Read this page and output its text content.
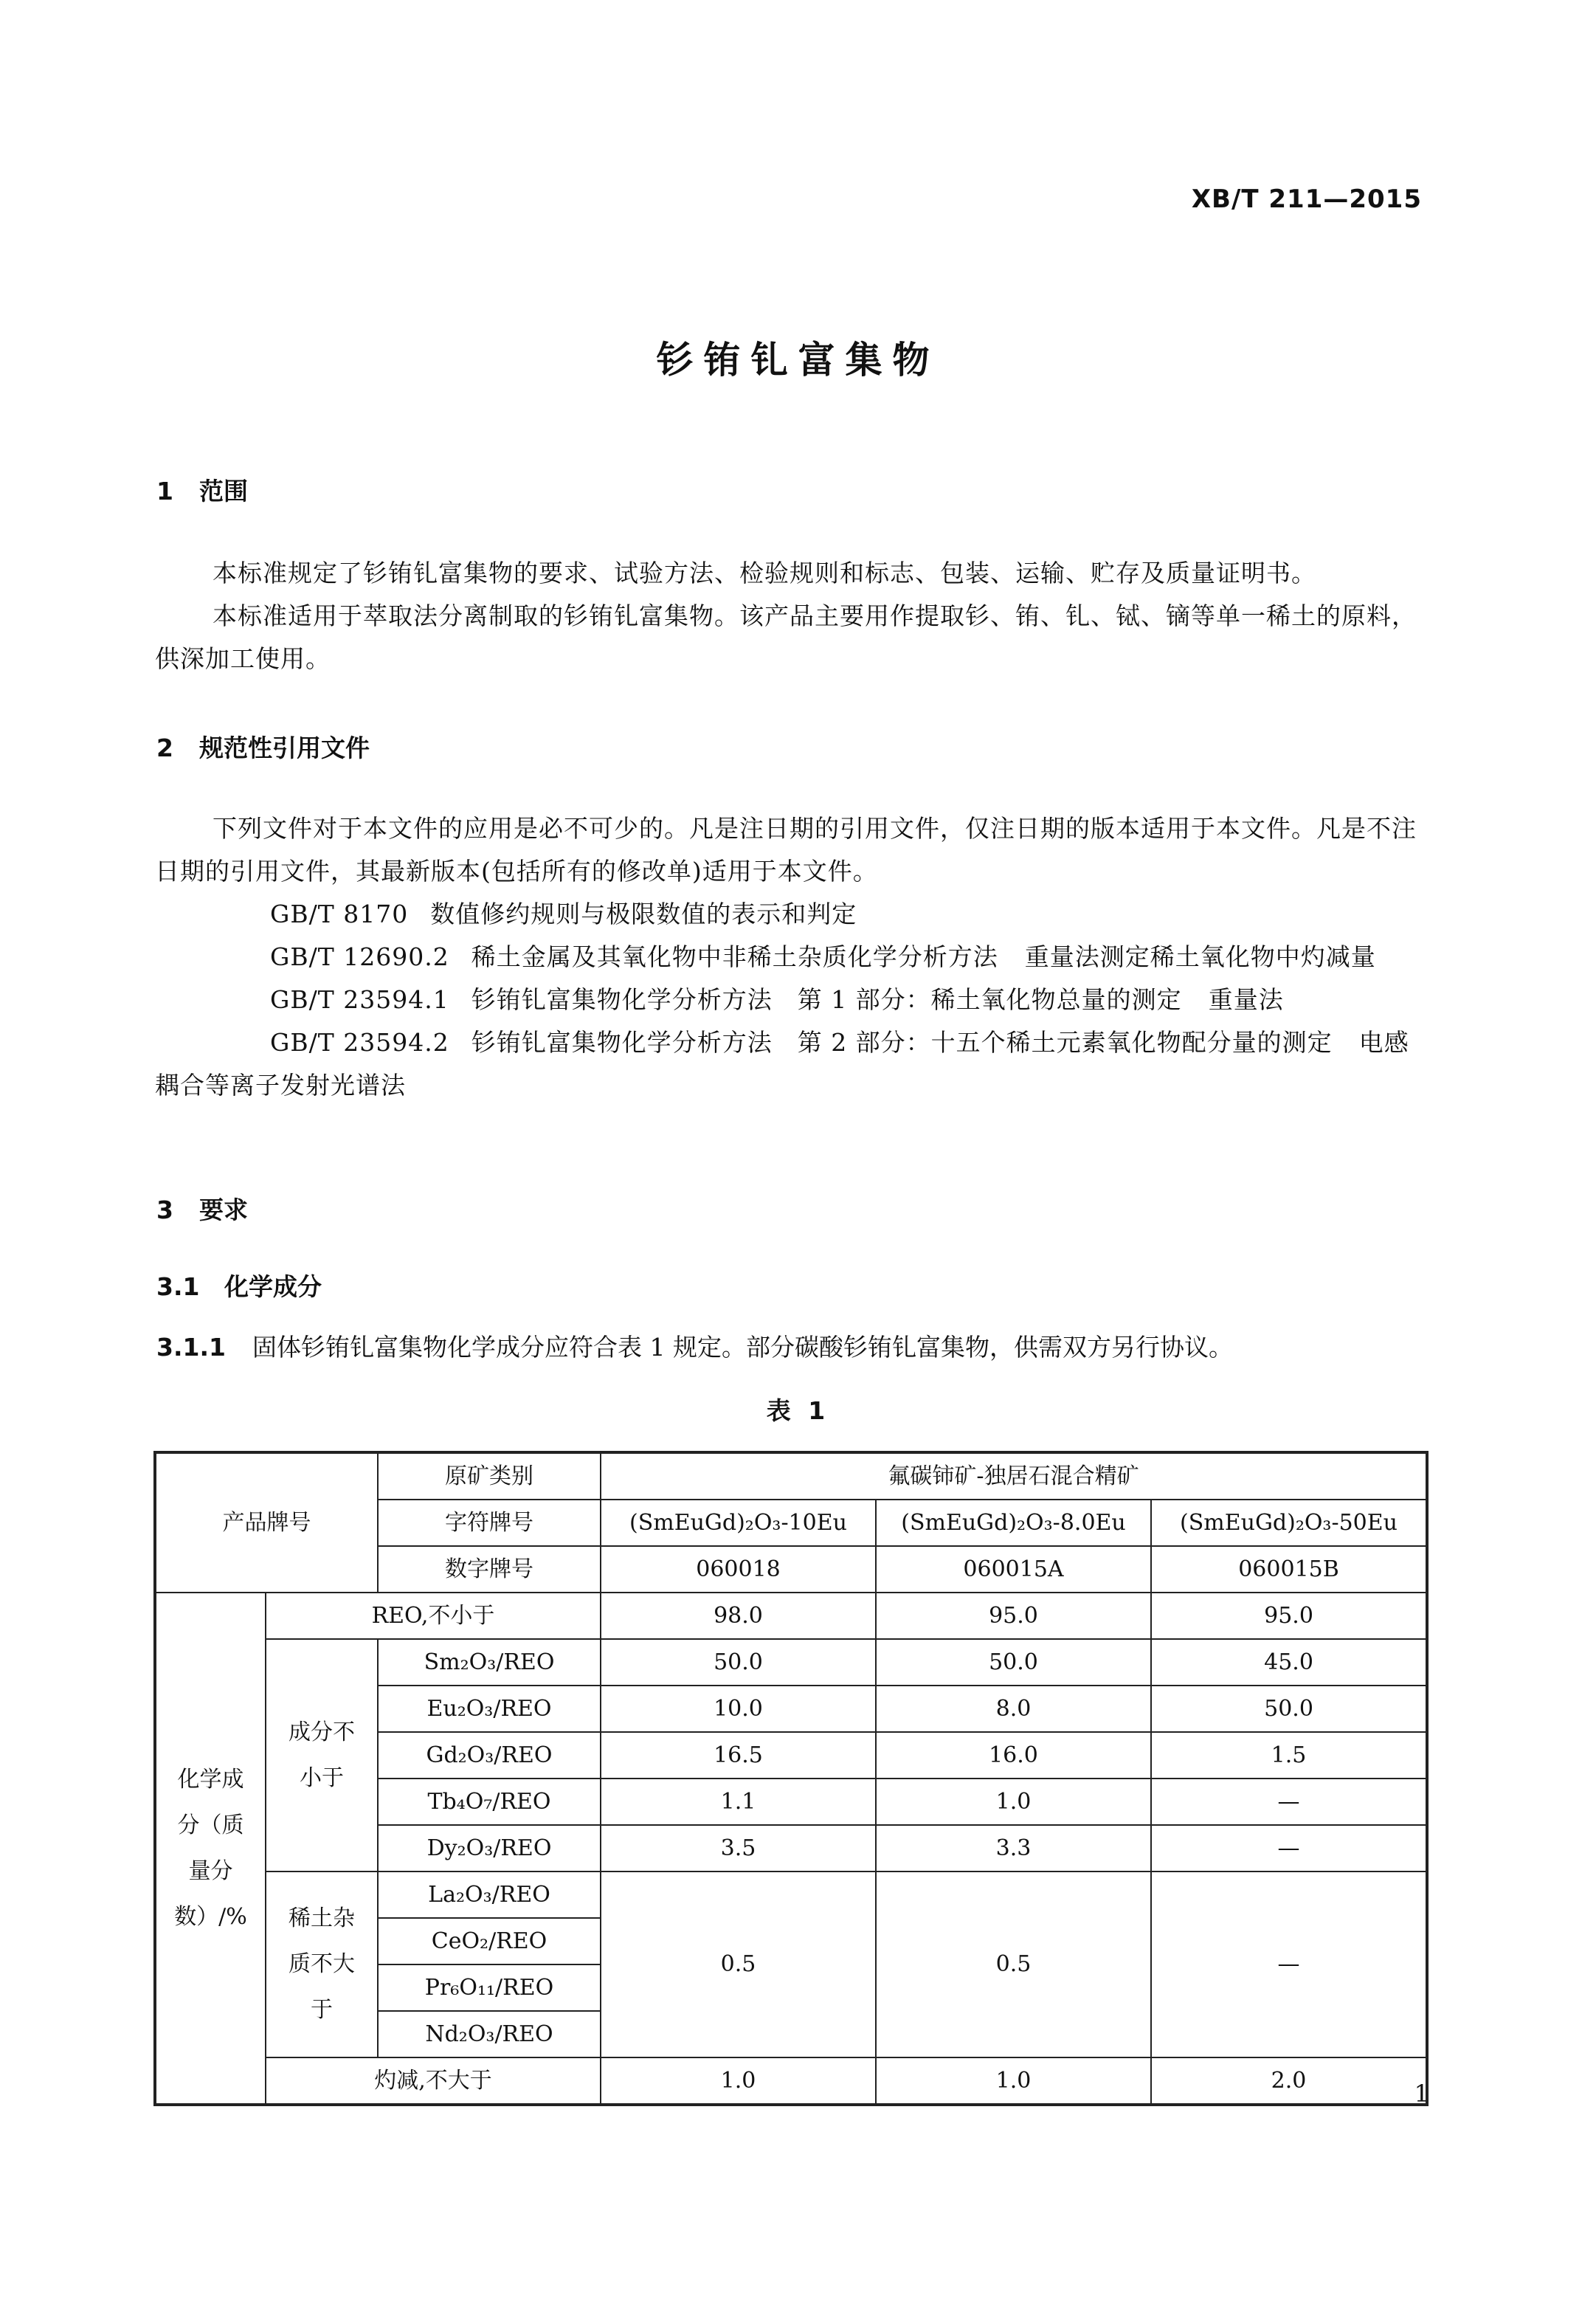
XB/T 211—2015
钐铕钆富集物
1 范围

本标准规定了钐铕钆富集物的要求、试验方法、检验规则和标志、包装、运输、贮存及质量证明书。

本标准适用于萃取法分离制取的钐铕钆富集物。该产品主要用作提取钐、铕、钆、铽、镝等单一稀土的原料，供深加工使用。

2 规范性引用文件

下列文件对于本文件的应用是必不可少的。凡是注日期的引用文件，仅注日期的版本适用于本文件。凡是不注日期的引用文件，其最新版本(包括所有的修改单)适用于本文件。

GB/T 8170 数值修约规则与极限数值的表示和判定

GB/T 12690.2 稀土金属及其氧化物中非稀土杂质化学分析方法 重量法测定稀土氧化物中灼减量

GB/T 23594.1 钐铕钆富集物化学分析方法　第 1 部分：稀土氧化物总量的测定 重量法

GB/T 23594.2 钐铕钆富集物化学分析方法　第 2 部分：十五个稀土元素氧化物配分量的测定 电感耦合等离子发射光谱法

3 要求
3.1 化学成分
3.1.1 固体钐铕钆富集物化学成分应符合表 1 规定。部分碳酸钐铕钆富集物，供需双方另行协议。
表 1
产品牌号		原矿类别	氟碳铈矿-独居石混合精矿		
		字符牌号	(SmEuGd)₂O₃-10Eu	(SmEuGd)₂O₃-8.0Eu	(SmEuGd)₂O₃-50Eu
		数字牌号	060018	060015A	060015B
化学成分（质量分数）/%	REO,不小于		98.0	95.0	95.0
	成分不小于	Sm₂O₃/REO	50.0	50.0	45.0
		Eu₂O₃/REO	10.0	8.0	50.0
		Gd₂O₃/REO	16.5	16.0	1.5
		Tb₄O₇/REO	1.1	1.0	—
		Dy₂O₃/REO	3.5	3.3	—
	稀土杂质不大于	La₂O₃/REO	0.5	0.5	—
		CeO₂/REO			
		Pr₆O₁₁/REO			
		Nd₂O₃/REO			
	灼减,不大于		1.0	1.0	2.0	1
